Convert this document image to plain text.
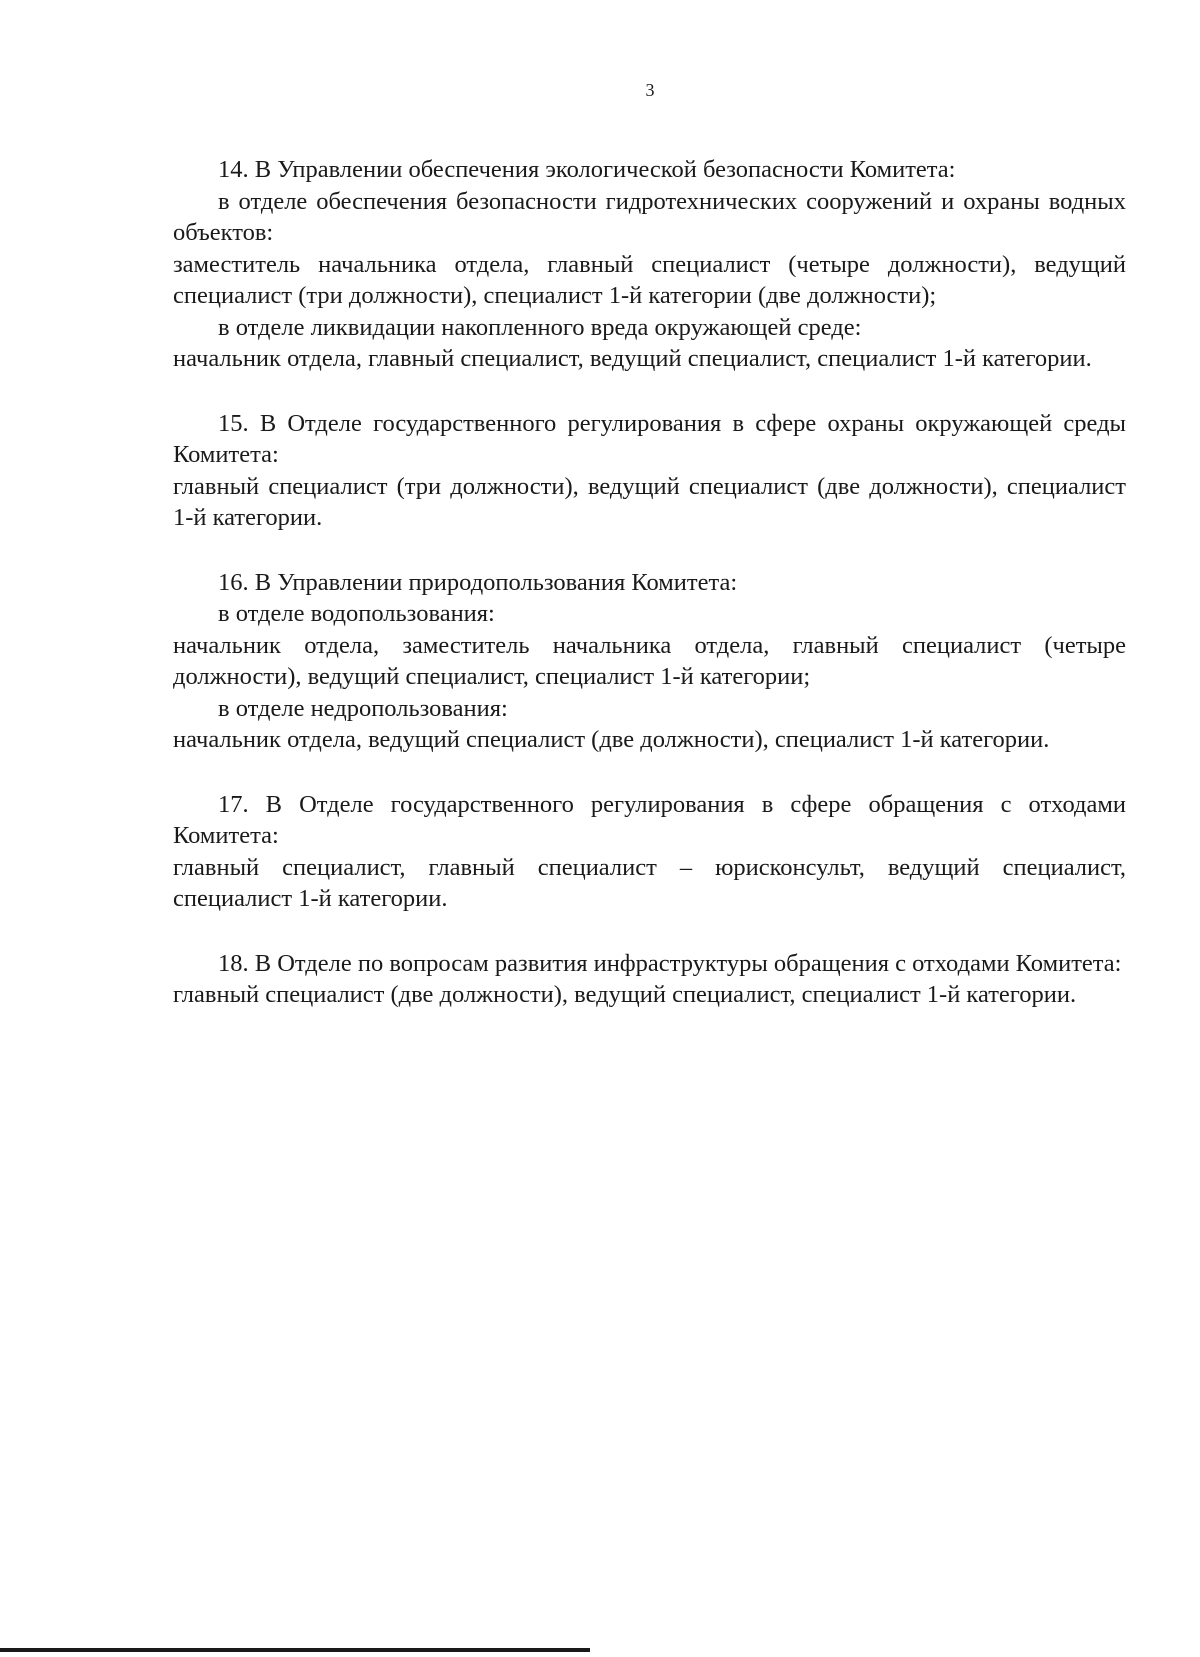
3

14. В Управлении обеспечения экологической безопасности Комитета:

в отделе обеспечения безопасности гидротехнических сооружений и охраны водных объектов:

заместитель начальника отдела, главный специалист (четыре должности), ведущий специалист (три должности), специалист 1-й категории (две должности);

в отделе ликвидации накопленного вреда окружающей среде:

начальник отдела, главный специалист, ведущий специалист, специалист 1-й категории.

15. В Отделе государственного регулирования в сфере охраны окружающей среды Комитета:

главный специалист (три должности), ведущий специалист (две должности), специалист 1-й категории.

16. В Управлении природопользования Комитета:

в отделе водопользования:

начальник отдела, заместитель начальника отдела, главный специалист (четыре должности), ведущий специалист, специалист 1-й категории;

в отделе недропользования:

начальник отдела, ведущий специалист (две должности), специалист 1-й категории.

17. В Отделе государственного регулирования в сфере обращения с отходами Комитета:

главный специалист, главный специалист – юрисконсульт, ведущий специалист, специалист 1-й категории.

18. В Отделе по вопросам развития инфраструктуры обращения с отходами Комитета:

главный специалист (две должности), ведущий специалист, специалист 1-й категории.
